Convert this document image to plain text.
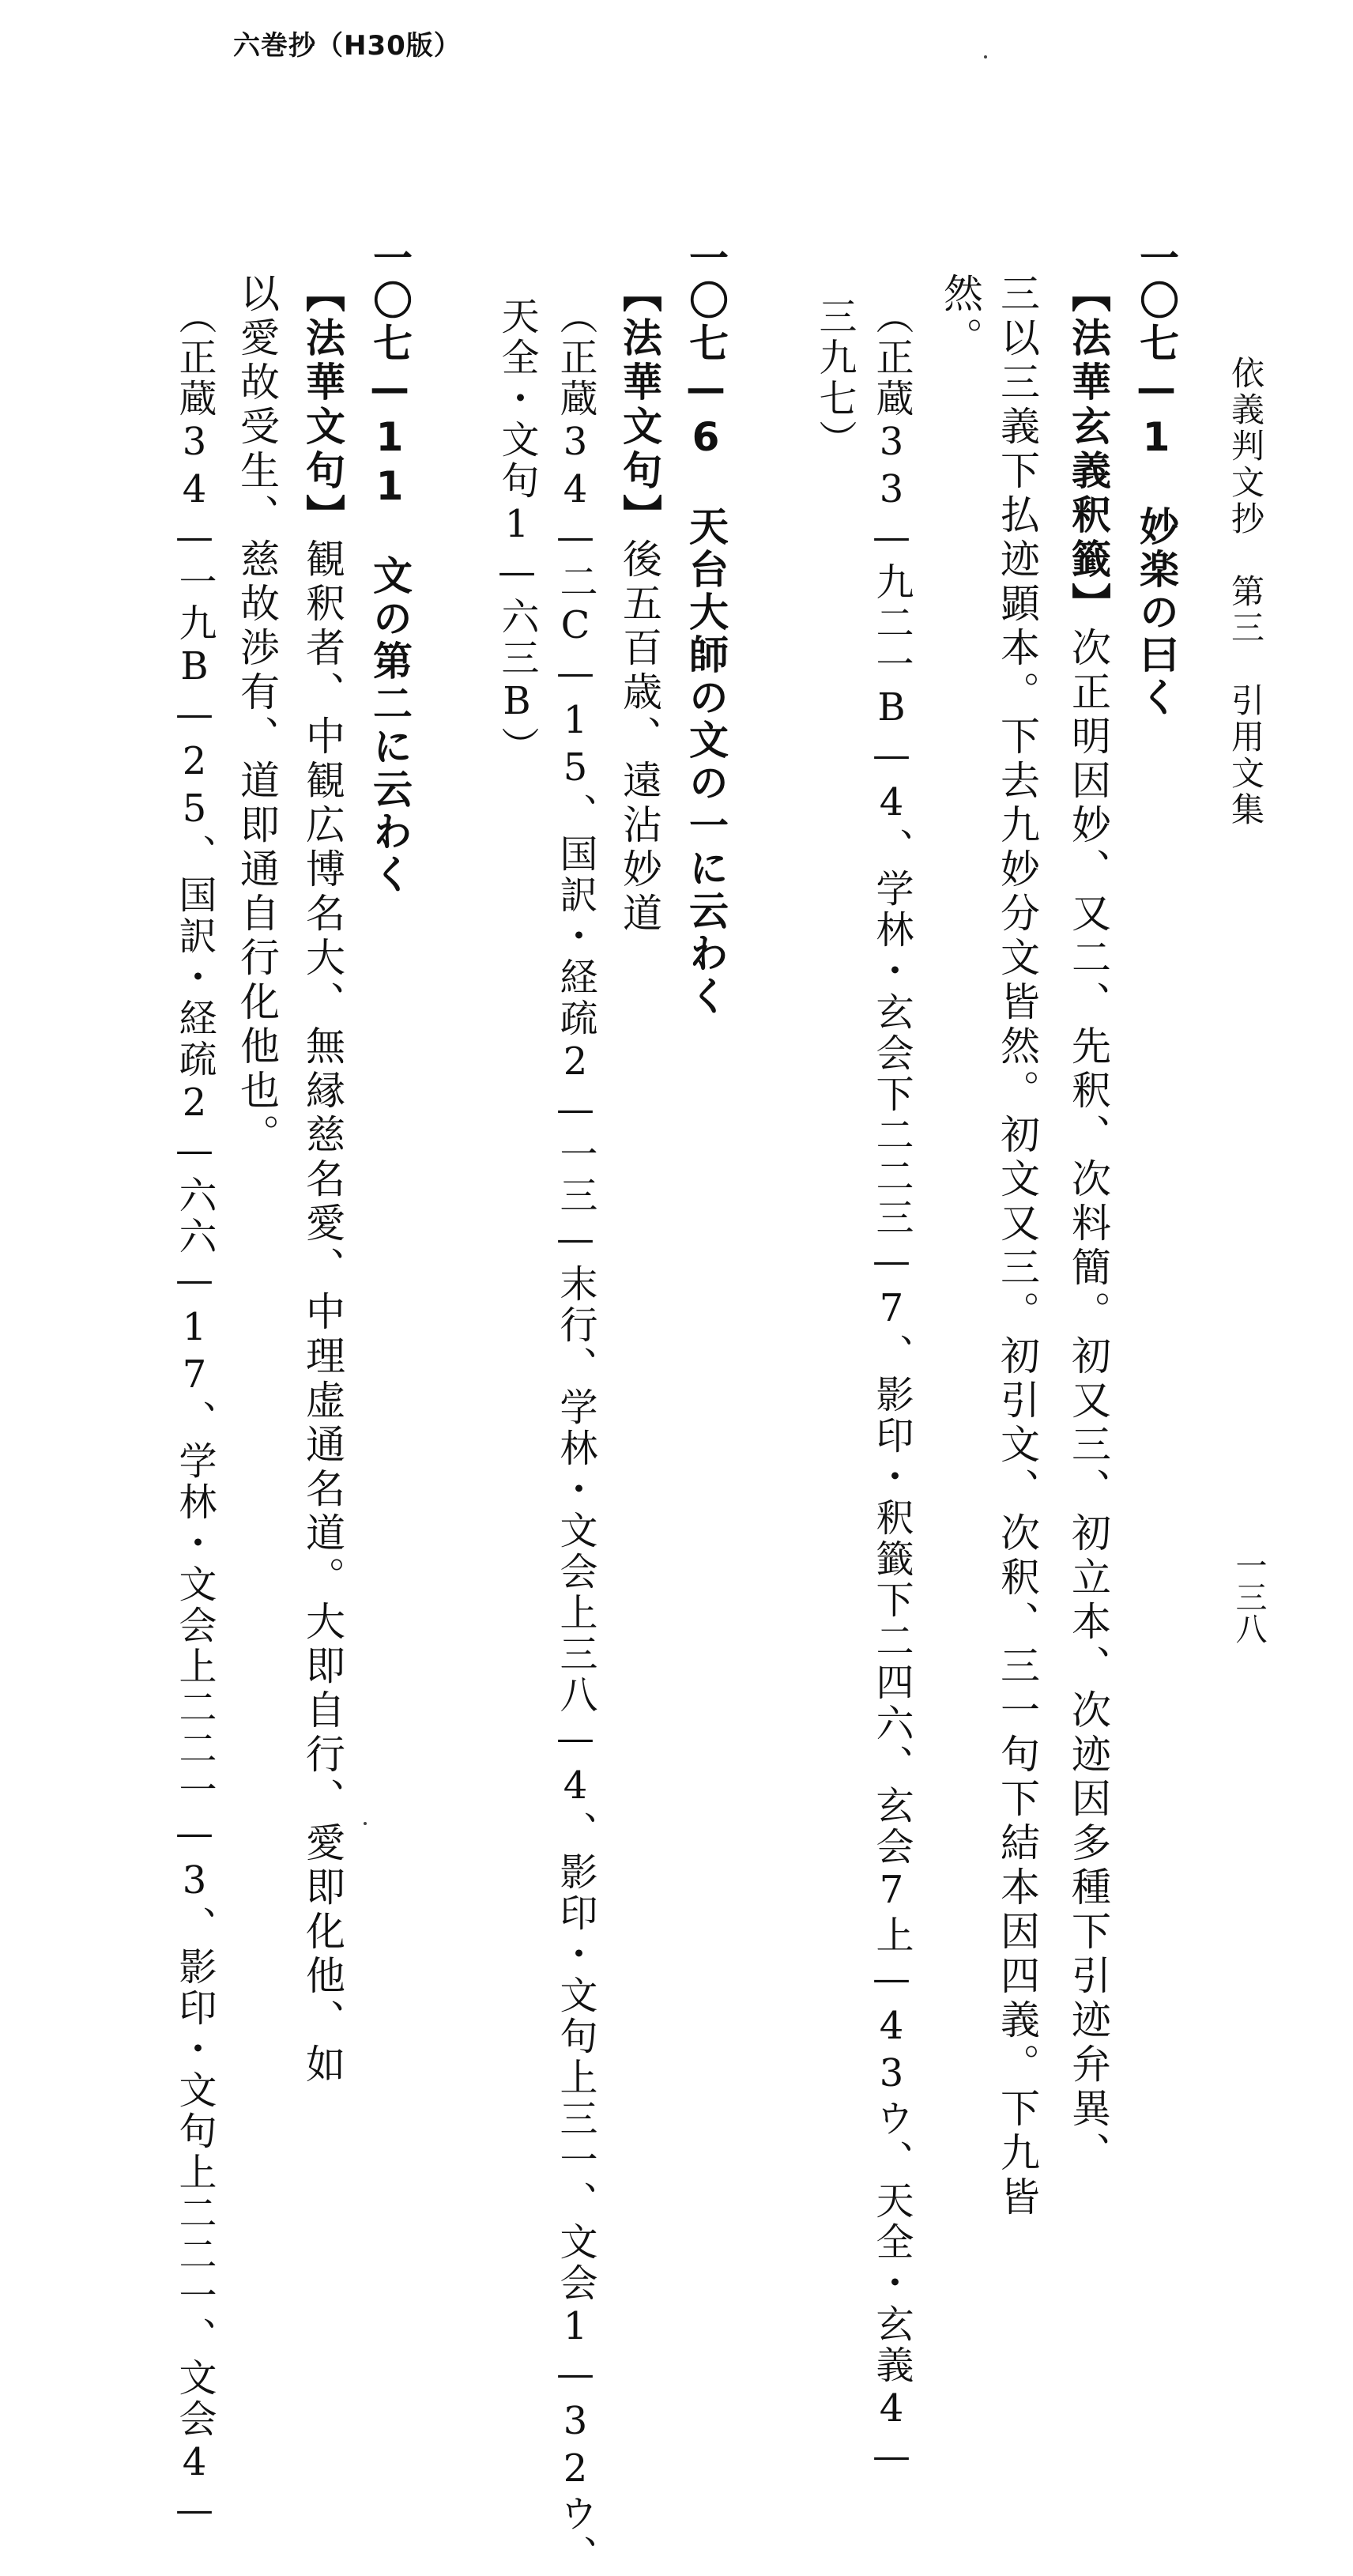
六巻抄（H30版）
依義判文抄　第三　引用文集
一三八
一〇七—1　妙楽の曰く
【法華玄義釈籤】次正明因妙、又二、先釈、次料簡。初又三、初立本、次迹因多種下引迹弁異、
三以三義下払迹顕本。下去九妙分文皆然。初文又三。初引文、次釈、三一句下結本因四義。下九皆
然。
（正蔵33—九二一B—4、学林・玄会下二二三—7、影印・釈籤下二四六、玄会7上—43ウ、天全・玄義4—
三九七）
一〇七—6　天台大師の文の一に云わく
【法華文句】後五百歳、遠沾妙道
（正蔵34—二C—15、国訳・経疏2—一三—末行、学林・文会上三八—4、影印・文句上三一、文会1—32ウ、
天全・文句1—六三B）
一〇七—11　文の第二に云わく
【法華文句】観釈者、中観広博名大、無縁慈名愛、中理虚通名道。大即自行、愛即化他、如
以愛故受生、慈故渉有、道即通自行化他也。
（正蔵34—一九B—25、国訳・経疏2—六六—17、学林・文会上二二一—3、影印・文句上二二一、文会4—
